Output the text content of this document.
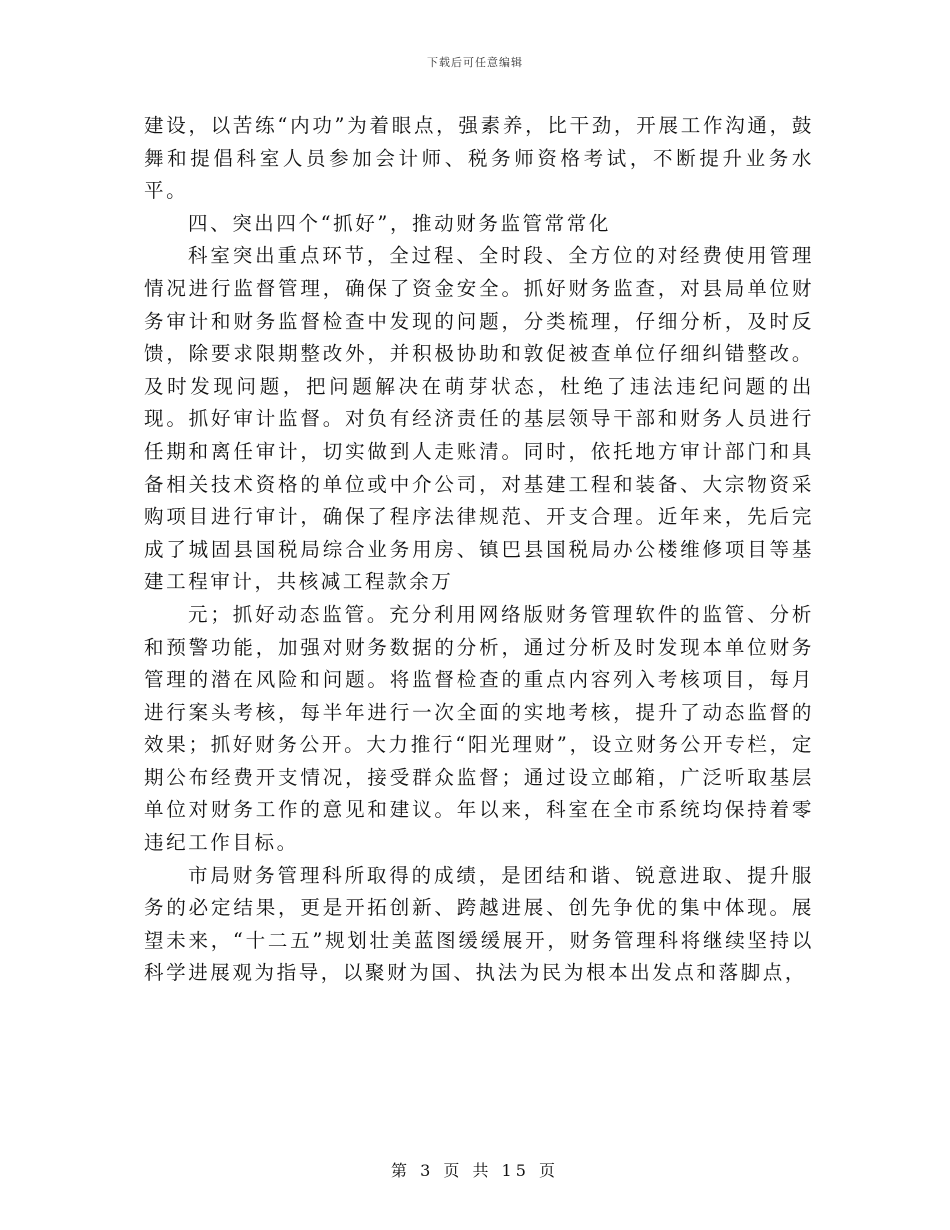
下载后可任意编辑

建设，以苦练“内功”为着眼点，强素养，比干劲，开展工作沟通，鼓舞和提倡科室人员参加会计师、税务师资格考试，不断提升业务水平。

四、突出四个“抓好”，推动财务监管常常化

科室突出重点环节，全过程、全时段、全方位的对经费使用管理情况进行监督管理，确保了资金安全。抓好财务监查，对县局单位财务审计和财务监督检查中发现的问题，分类梳理，仔细分析，及时反馈，除要求限期整改外，并积极协助和敦促被查单位仔细纠错整改。及时发现问题，把问题解决在萌芽状态，杜绝了违法违纪问题的出现。抓好审计监督。对负有经济责任的基层领导干部和财务人员进行任期和离任审计，切实做到人走账清。同时，依托地方审计部门和具备相关技术资格的单位或中介公司，对基建工程和装备、大宗物资采购项目进行审计，确保了程序法律规范、开支合理。近年来，先后完成了城固县国税局综合业务用房、镇巴县国税局办公楼维修项目等基建工程审计，共核减工程款余万

元；抓好动态监管。充分利用网络版财务管理软件的监管、分析和预警功能，加强对财务数据的分析，通过分析及时发现本单位财务管理的潜在风险和问题。将监督检查的重点内容列入考核项目，每月进行案头考核，每半年进行一次全面的实地考核，提升了动态监督的效果；抓好财务公开。大力推行“阳光理财”，设立财务公开专栏，定期公布经费开支情况，接受群众监督；通过设立邮箱，广泛听取基层单位对财务工作的意见和建议。年以来，科室在全市系统均保持着零违纪工作目标。

市局财务管理科所取得的成绩，是团结和谐、锐意进取、提升服务的必定结果，更是开拓创新、跨越进展、创先争优的集中体现。展望未来，“十二五”规划壮美蓝图缓缓展开，财务管理科将继续坚持以科学进展观为指导，以聚财为国、执法为民为根本出发点和落脚点，

第 3 页 共 15 页
